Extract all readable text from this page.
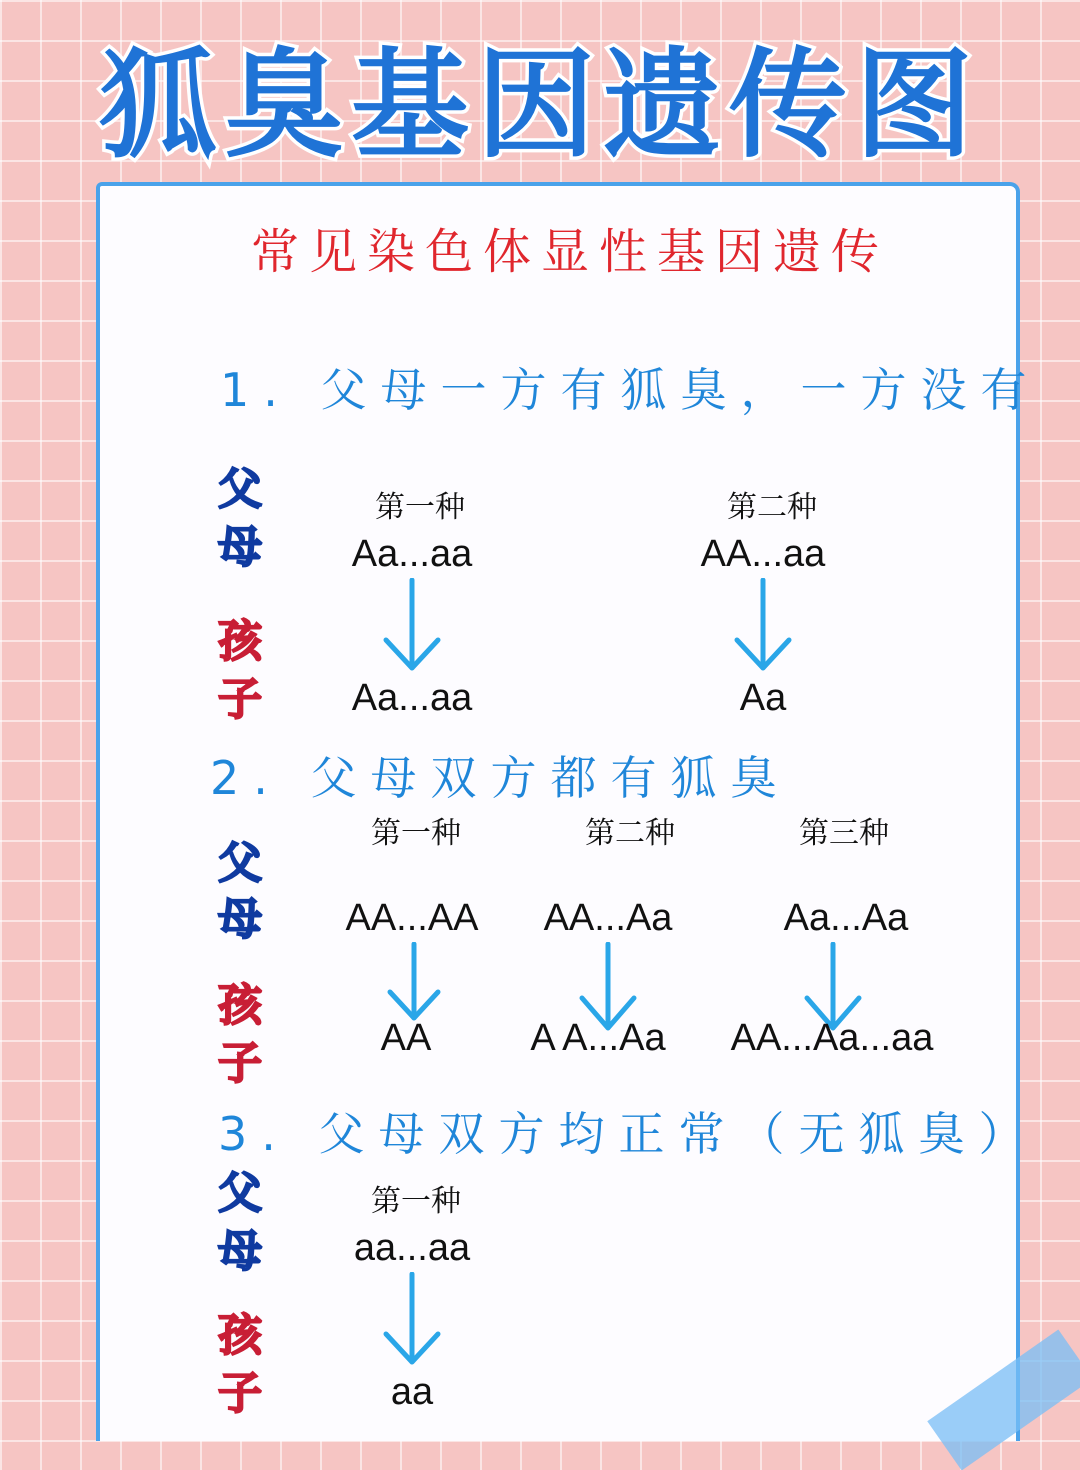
狐臭基因遗传图
常见染色体显性基因遗传
1. 父母一方有狐臭，一方没有
父
母
孩
子
第一种
Aa...aa
Aa...aa
第二种
AA...aa
Aa
2. 父母双方都有狐臭
父
母
孩
子
第一种
AA...AA
AA
第二种
AA...Aa
A A...Aa
第三种
Aa...Aa
AA...Aa...aa
3. 父母双方均正常（无狐臭）
父
母
孩
子
第一种
aa...aa
aa
